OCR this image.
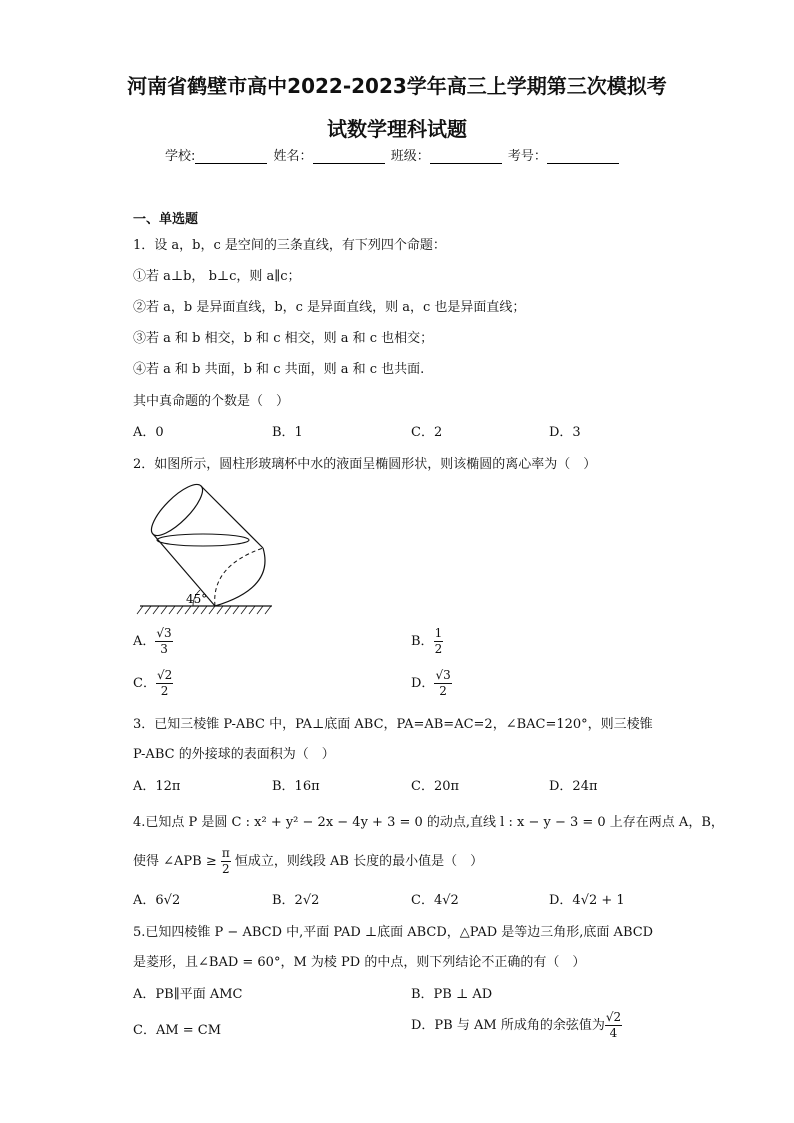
河南省鹤壁市高中2022-2023学年高三上学期第三次模拟考
试数学理科试题
学校:	姓名：	班级：	考号：
一、单选题
1．设 a，b，c 是空间的三条直线，有下列四个命题：
①若 a⊥b， b⊥c，则 a∥c；
②若 a，b 是异面直线，b，c 是异面直线，则 a，c 也是异面直线；
③若 a 和 b 相交，b 和 c 相交，则 a 和 c 也相交；
④若 a 和 b 共面，b 和 c 共面，则 a 和 c 也共面.
其中真命题的个数是（　）
A．0	B．1	C．2	D．3
2．如图所示，圆柱形玻璃杯中水的液面呈椭圆形状，则该椭圆的离心率为（　）
45°
A． $\frac{√3}{3}$	B． $\frac{1}{2}$
C． $\frac{√2}{2}$	D． $\frac{√3}{2}$
3．已知三棱锥 P-ABC 中，PA⊥底面 ABC，PA=AB=AC=2，∠BAC=120°，则三棱锥
P-ABC 的外接球的表面积为（　）
A．12π	B．16π	C．20π	D．24π
4.已知点 P 是圆 C : x² + y² − 2x − 4y + 3 = 0 的动点,直线 l : x − y − 3 = 0 上存在两点 A，B，
使得 ∠APB ≥ $\frac{\pi}{2}$ 恒成立，则线段 AB 长度的最小值是（　）
A．6√2	B．2√2	C．4√2	D．4√2 + 1
5.已知四棱锥 P − ABCD 中,平面 PAD ⊥底面 ABCD，△PAD 是等边三角形,底面 ABCD
是菱形，且∠BAD = 60°，M 为棱 PD 的中点，则下列结论不正确的有（　）
A．PB∥平面 AMC	B．PB ⊥ AD
C．AM = CM	D．PB 与 AM 所成角的余弦值为 $\frac{√2}{4}$
